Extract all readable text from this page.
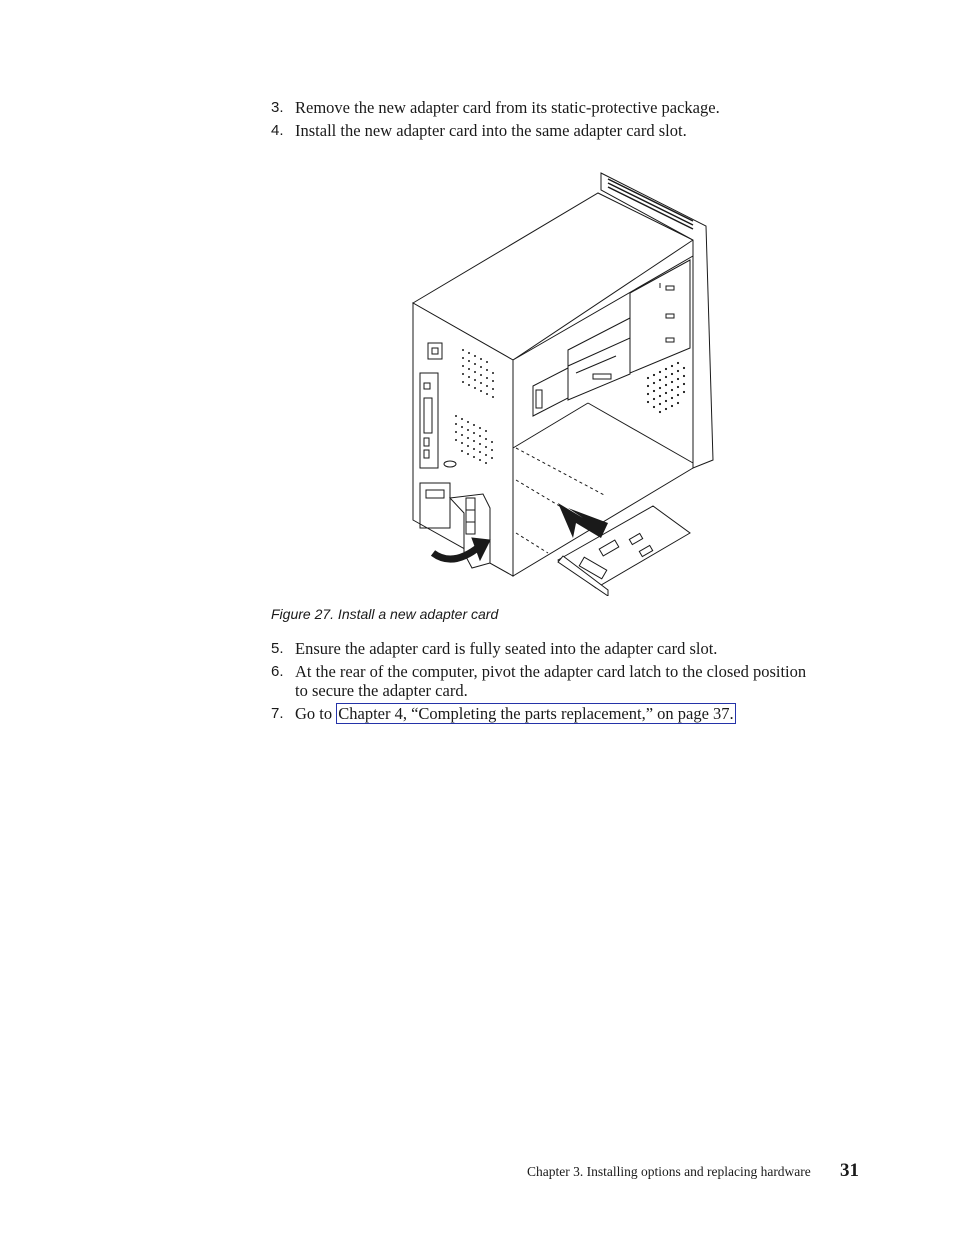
3. Remove the new adapter card from its static-protective package.
4. Install the new adapter card into the same adapter card slot.
Figure 27. Install a new adapter card
5. Ensure the adapter card is fully seated into the adapter card slot.
6. At the rear of the computer, pivot the adapter card latch to the closed position
to secure the adapter card.
7. Go to Chapter 4, “Completing the parts replacement,” on page 37.
Chapter 3. Installing options and replacing hardware 31
